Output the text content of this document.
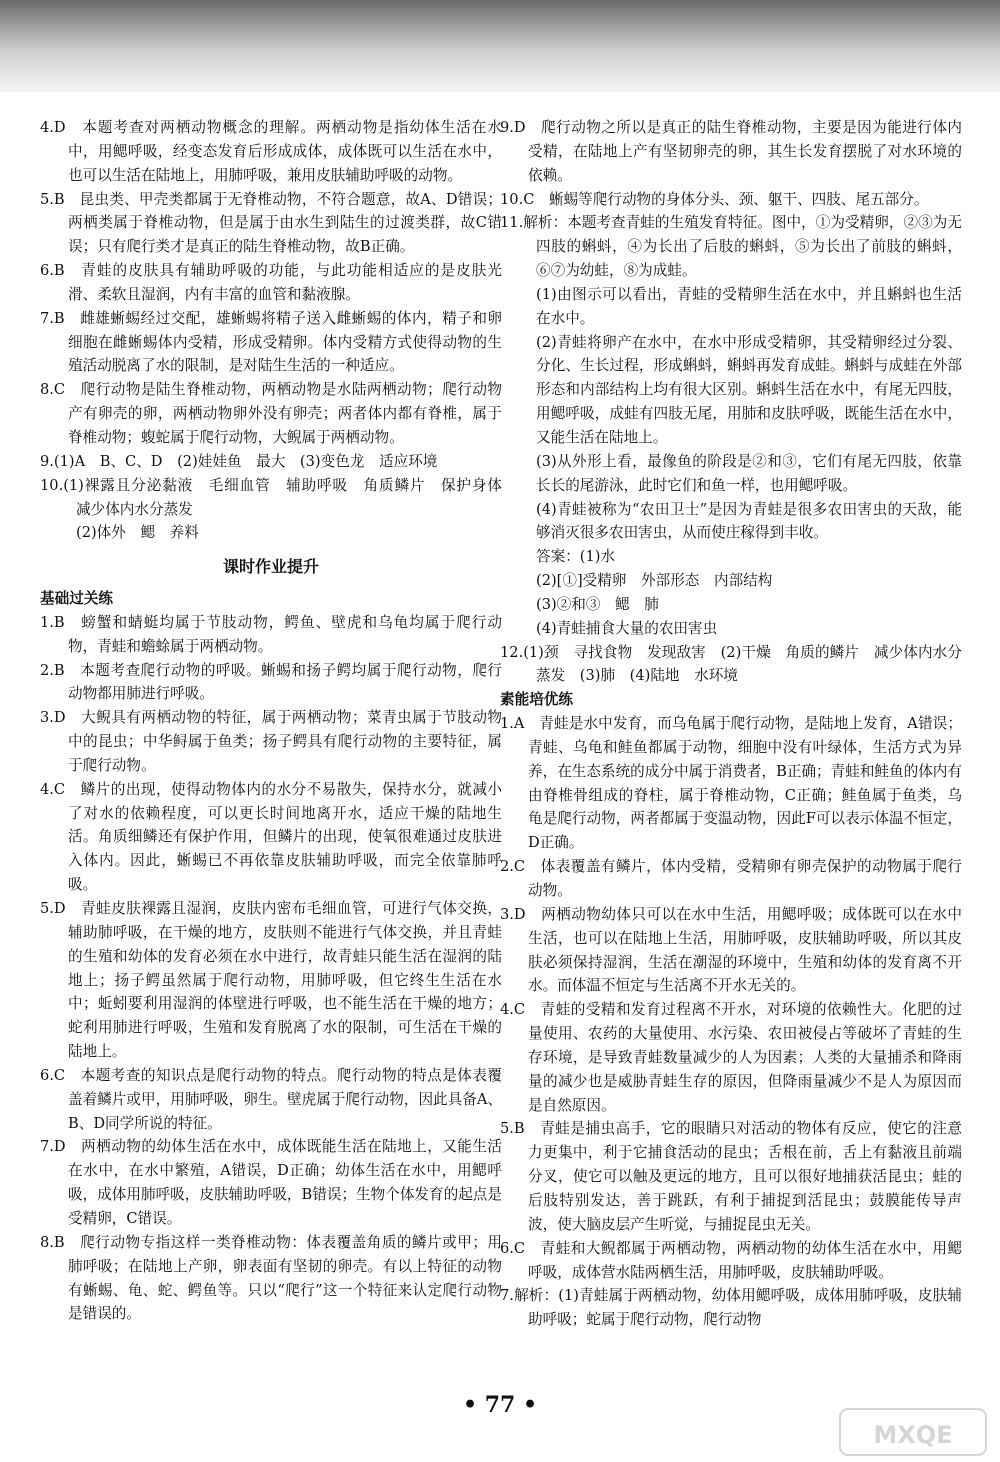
4.D　本题考查对两栖动物概念的理解。两栖动物是指幼体生活在水中，用鳃呼吸，经变态发育后形成成体，成体既可以生活在水中，也可以生活在陆地上，用肺呼吸，兼用皮肤辅助呼吸的动物。

5.B　昆虫类、甲壳类都属于无脊椎动物，不符合题意，故A、D错误；两栖类属于脊椎动物，但是属于由水生到陆生的过渡类群，故C错误；只有爬行类才是真正的陆生脊椎动物，故B正确。

6.B　青蛙的皮肤具有辅助呼吸的功能，与此功能相适应的是皮肤光滑、柔软且湿润，内有丰富的血管和黏液腺。

7.B　雌雄蜥蜴经过交配，雄蜥蜴将精子送入雌蜥蜴的体内，精子和卵细胞在雌蜥蜴体内受精，形成受精卵。体内受精方式使得动物的生殖活动脱离了水的限制，是对陆生生活的一种适应。

8.C　爬行动物是陆生脊椎动物，两栖动物是水陆两栖动物；爬行动物产有卵壳的卵，两栖动物卵外没有卵壳；两者体内都有脊椎，属于脊椎动物；蝮蛇属于爬行动物，大鲵属于两栖动物。

9.(1)A　B、C、D　(2)娃娃鱼　最大　(3)变色龙　适应环境

10.(1)裸露且分泌黏液　毛细血管　辅助呼吸　角质鳞片　保护身体　减少体内水分蒸发

(2)体外　鳃　养料

课时作业提升
基础过关练

1.B　螃蟹和蜻蜓均属于节肢动物，鳄鱼、壁虎和乌龟均属于爬行动物，青蛙和蟾蜍属于两栖动物。

2.B　本题考查爬行动物的呼吸。蜥蜴和扬子鳄均属于爬行动物，爬行动物都用肺进行呼吸。

3.D　大鲵具有两栖动物的特征，属于两栖动物；菜青虫属于节肢动物中的昆虫；中华鲟属于鱼类；扬子鳄具有爬行动物的主要特征，属于爬行动物。

4.C　鳞片的出现，使得动物体内的水分不易散失，保持水分，就减小了对水的依赖程度，可以更长时间地离开水，适应干燥的陆地生活。角质细鳞还有保护作用，但鳞片的出现，使氧很难通过皮肤进入体内。因此，蜥蜴已不再依靠皮肤辅助呼吸，而完全依靠肺呼吸。

5.D　青蛙皮肤裸露且湿润，皮肤内密布毛细血管，可进行气体交换，辅助肺呼吸，在干燥的地方，皮肤则不能进行气体交换，并且青蛙的生殖和幼体的发育必须在水中进行，故青蛙只能生活在湿润的陆地上；扬子鳄虽然属于爬行动物，用肺呼吸，但它终生生活在水中；蚯蚓要利用湿润的体壁进行呼吸，也不能生活在干燥的地方；蛇利用肺进行呼吸，生殖和发育脱离了水的限制，可生活在干燥的陆地上。

6.C　本题考查的知识点是爬行动物的特点。爬行动物的特点是体表覆盖着鳞片或甲，用肺呼吸，卵生。壁虎属于爬行动物，因此具备A、B、D同学所说的特征。

7.D　两栖动物的幼体生活在水中，成体既能生活在陆地上，又能生活在水中，在水中繁殖，A错误，D正确；幼体生活在水中，用鳃呼吸，成体用肺呼吸，皮肤辅助呼吸，B错误；生物个体发育的起点是受精卵，C错误。

8.B　爬行动物专指这样一类脊椎动物：体表覆盖角质的鳞片或甲；用肺呼吸；在陆地上产卵，卵表面有坚韧的卵壳。有以上特征的动物有蜥蜴、龟、蛇、鳄鱼等。只以“爬行”这一个特征来认定爬行动物是错误的。

9.D　爬行动物之所以是真正的陆生脊椎动物，主要是因为能进行体内受精，在陆地上产有坚韧卵壳的卵，其生长发育摆脱了对水环境的依赖。

10.C　蜥蜴等爬行动物的身体分头、颈、躯干、四肢、尾五部分。

11.解析：本题考查青蛙的生殖发育特征。图中，①为受精卵，②③为无四肢的蝌蚪，④为长出了后肢的蝌蚪，⑤为长出了前肢的蝌蚪，⑥⑦为幼蛙，⑧为成蛙。

(1)由图示可以看出，青蛙的受精卵生活在水中，并且蝌蚪也生活在水中。

(2)青蛙将卵产在水中，在水中形成受精卵，其受精卵经过分裂、分化、生长过程，形成蝌蚪，蝌蚪再发育成蛙。蝌蚪与成蛙在外部形态和内部结构上均有很大区别。蝌蚪生活在水中，有尾无四肢，用鳃呼吸，成蛙有四肢无尾，用肺和皮肤呼吸，既能生活在水中，又能生活在陆地上。

(3)从外形上看，最像鱼的阶段是②和③，它们有尾无四肢，依靠长长的尾游泳，此时它们和鱼一样，也用鳃呼吸。

(4)青蛙被称为“农田卫士”是因为青蛙是很多农田害虫的天敌，能够消灭很多农田害虫，从而使庄稼得到丰收。

答案：(1)水

(2)[①]受精卵　外部形态　内部结构

(3)②和③　鳃　肺

(4)青蛙捕食大量的农田害虫

12.(1)颈　寻找食物　发现敌害　(2)干燥　角质的鳞片　减少体内水分蒸发　(3)肺　(4)陆地　水环境

素能培优练

1.A　青蛙是水中发育，而乌龟属于爬行动物，是陆地上发育，A错误；青蛙、乌龟和鲑鱼都属于动物，细胞中没有叶绿体，生活方式为异养，在生态系统的成分中属于消费者，B正确；青蛙和鲑鱼的体内有由脊椎骨组成的脊柱，属于脊椎动物，C正确；鲑鱼属于鱼类，乌龟是爬行动物，两者都属于变温动物，因此F可以表示体温不恒定，D正确。

2.C　体表覆盖有鳞片，体内受精，受精卵有卵壳保护的动物属于爬行动物。

3.D　两栖动物幼体只可以在水中生活，用鳃呼吸；成体既可以在水中生活，也可以在陆地上生活，用肺呼吸，皮肤辅助呼吸，所以其皮肤必须保持湿润，生活在潮湿的环境中，生殖和幼体的发育离不开水。而体温不恒定与生活离不开水无关的。

4.C　青蛙的受精和发育过程离不开水，对环境的依赖性大。化肥的过量使用、农药的大量使用、水污染、农田被侵占等破坏了青蛙的生存环境，是导致青蛙数量减少的人为因素；人类的大量捕杀和降雨量的减少也是威胁青蛙生存的原因，但降雨量减少不是人为原因而是自然原因。

5.B　青蛙是捕虫高手，它的眼睛只对活动的物体有反应，使它的注意力更集中，利于它捕食活动的昆虫；舌根在前，舌上有黏液且前端分叉，使它可以触及更远的地方，且可以很好地捕获活昆虫；蛙的后肢特别发达，善于跳跃，有利于捕捉到活昆虫；鼓膜能传导声波，使大脑皮层产生听觉，与捕捉昆虫无关。

6.C　青蛙和大鲵都属于两栖动物，两栖动物的幼体生活在水中，用鳃呼吸，成体营水陆两栖生活，用肺呼吸，皮肤辅助呼吸。

7.解析：(1)青蛙属于两栖动物，幼体用鳃呼吸，成体用肺呼吸，皮肤辅助呼吸；蛇属于爬行动物，爬行动物

• 77 •
MXQE
